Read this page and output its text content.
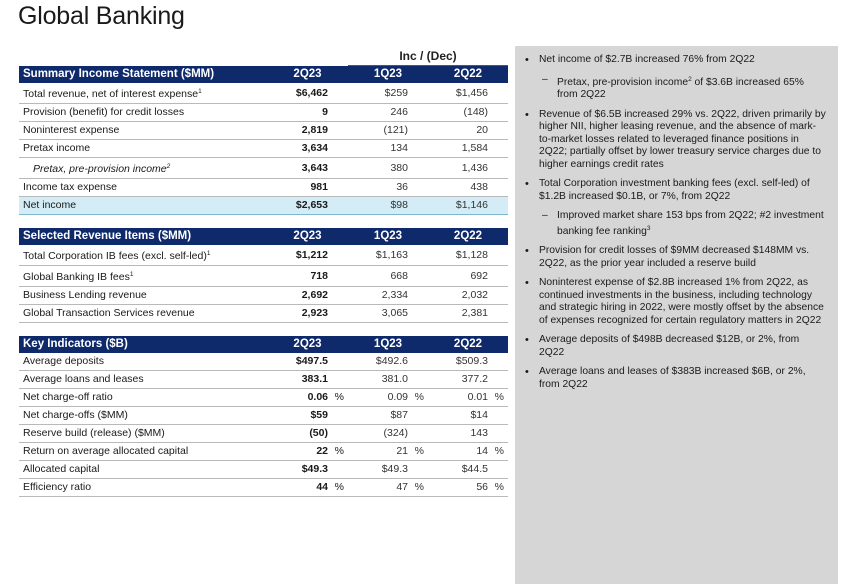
Global Banking
Inc / (Dec)
Summary Income Statement ($MM)	2Q23	1Q23	2Q22
Total revenue, net of interest expense$^1$	$6,462	$259	$1,456
Provision (benefit) for credit losses	9	246	(148)
Noninterest expense	2,819	(121)	20
Pretax income	3,634	134	1,584
Pretax, pre-provision income$^2$	3,643	380	1,436
Income tax expense	981	36	438
Net income	$2,653	$98	$1,146
Selected Revenue Items ($MM)	2Q23	1Q23	2Q22
Total Corporation IB fees (excl. self-led)$^1$	$1,212	$1,163	$1,128
Global Banking IB fees$^1$	718	668	692
Business Lending revenue	2,692	2,334	2,032
Global Transaction Services revenue	2,923	3,065	2,381
Key Indicators ($B)	2Q23	1Q23	2Q22
Average deposits	$497.5	$492.6	$509.3
Average loans and leases	383.1	381.0	377.2
Net charge-off ratio	0.06 %	0.09 %	0.01 %
Net charge-offs ($MM)	$59	$87	$14
Reserve build (release) ($MM)	(50)	(324)	143
Return on average allocated capital	22 %	21 %	14 %
Allocated capital	$49.3	$49.3	$44.5
Efficiency ratio	44 %	47 %	56 %
• Net income of $2.7B increased 76% from 2Q22
– Pretax, pre-provision income$^2$ of $3.6B increased 65% from 2Q22
• Revenue of $6.5B increased 29% vs. 2Q22, driven primarily by higher NII, higher leasing revenue, and the absence of mark-to-market losses related to leveraged finance positions in 2Q22; partially offset by lower treasury service charges due to higher earnings credit rates
• Total Corporation investment banking fees (excl. self-led) of $1.2B increased $0.1B, or 7%, from 2Q22
– Improved market share 153 bps from 2Q22; #2 investment banking fee ranking$^3$
• Provision for credit losses of $9MM decreased $148MM vs. 2Q22, as the prior year included a reserve build
• Noninterest expense of $2.8B increased 1% from 2Q22, as continued investments in the business, including technology and strategic hiring in 2022, were mostly offset by the absence of expenses recognized for certain regulatory matters in 2Q22
• Average deposits of $498B decreased $12B, or 2%, from 2Q22
• Average loans and leases of $383B increased $6B, or 2%, from 2Q22
